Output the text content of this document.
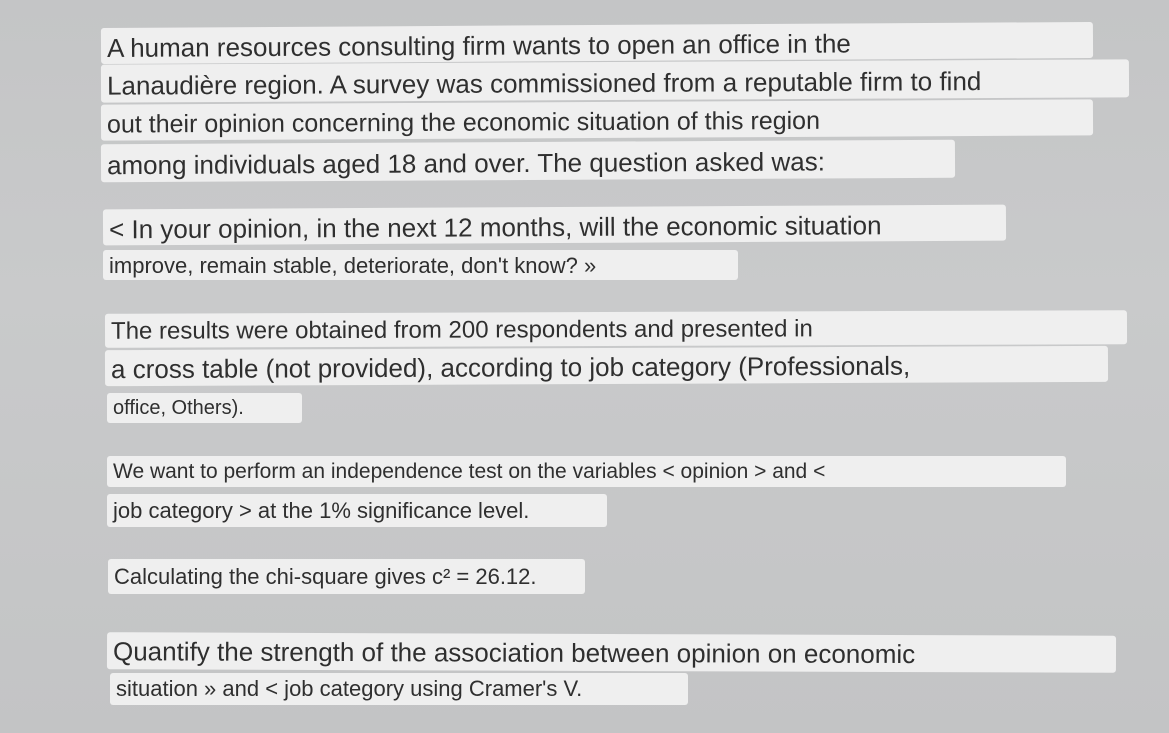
A human resources consulting firm wants to open an office in the
Lanaudière region. A survey was commissioned from a reputable firm to find
out their opinion concerning the economic situation of this region
among individuals aged 18 and over. The question asked was:
< In your opinion, in the next 12 months, will the economic situation
improve, remain stable, deteriorate, don't know? »
The results were obtained from 200 respondents and presented in
a cross table (not provided), according to job category (Professionals,
office, Others).
We want to perform an independence test on the variables < opinion > and <
job category > at the 1% significance level.
Calculating the chi-square gives c² = 26.12.
Quantify the strength of the association between opinion on economic
situation » and < job category using Cramer's V.
